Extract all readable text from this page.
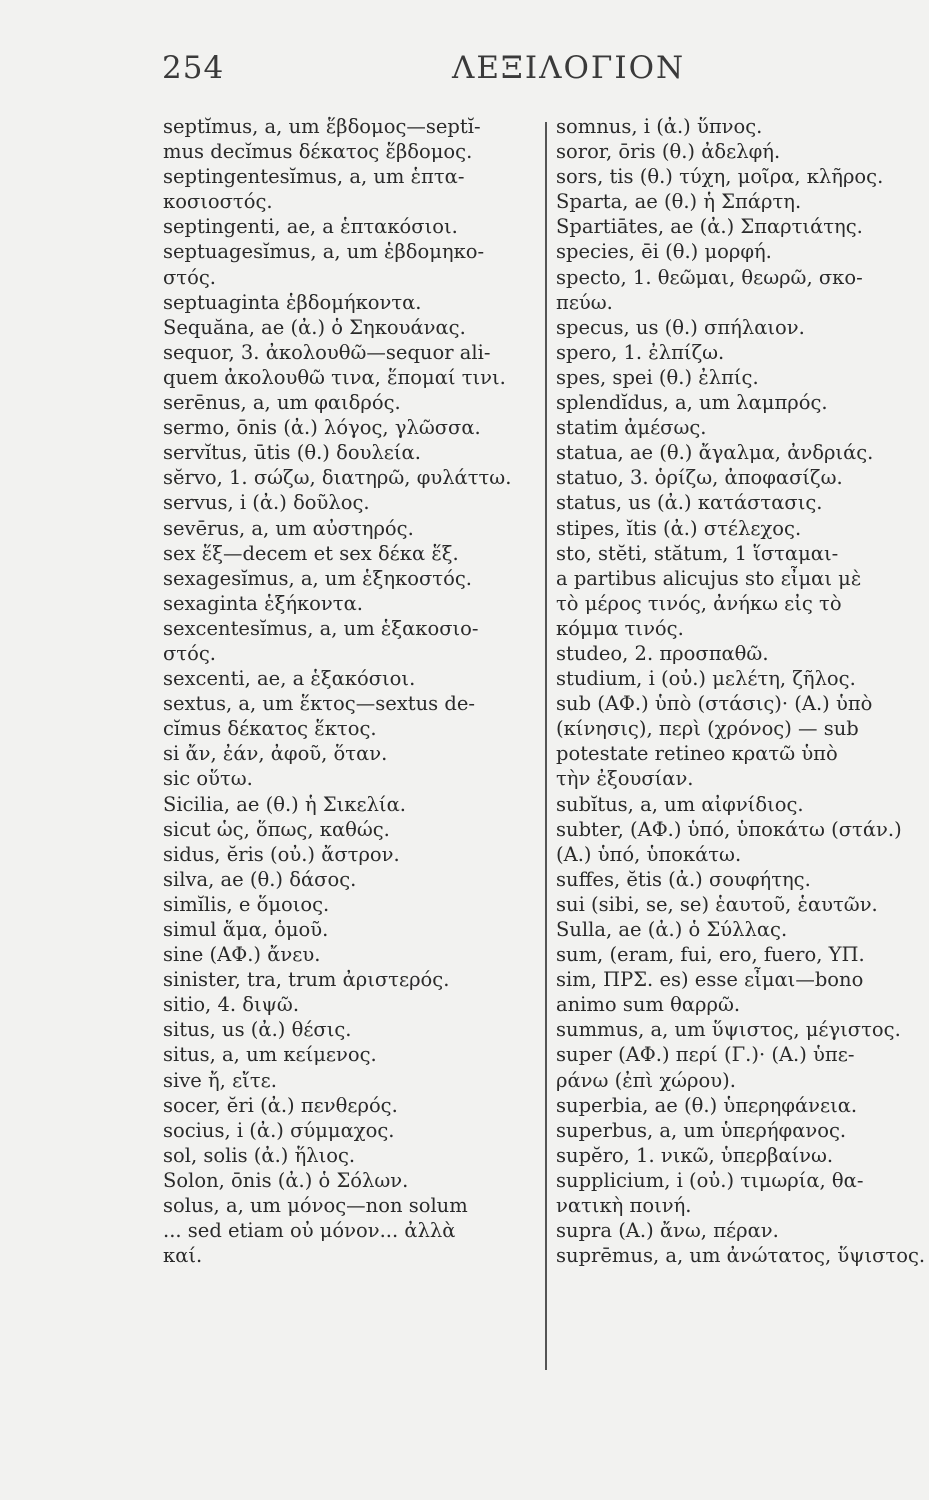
254	ΛΕΞΙΛΟΓΙΟΝ
septĭmus, a, um ἕβδομος—septĭ-
mus decĭmus δέκατος ἕβδομος.
septingentesĭmus, a, um ἑπτα-
κοσιοστός.
septingenti, ae, a ἑπτακόσιοι.
septuagesĭmus, a, um ἑβδομηκο-
στός.
septuaginta ἑβδομήκοντα.
Sequăna, ae (ἀ.) ὁ Σηκουάνας.
sequor, 3. ἀκολουθῶ—sequor ali-
quem ἀκολουθῶ τινα, ἕπομαί τινι.
serēnus, a, um φαιδρός.
sermo, ōnis (ἀ.) λόγος, γλῶσσα.
servĭtus, ūtis (θ.) δουλεία.
sĕrvo, 1. σώζω, διατηρῶ, φυλάττω.
servus, i (ἀ.) δοῦλος.
sevērus, a, um αὐστηρός.
sex ἕξ—decem et sex δέκα ἕξ.
sexagesĭmus, a, um ἑξηκοστός.
sexaginta ἑξήκοντα.
sexcentesĭmus, a, um ἑξακοσιο-
στός.
sexcenti, ae, a ἑξακόσιοι.
sextus, a, um ἕκτος—sextus de-
cĭmus δέκατος ἕκτος.
si ἄν, ἐάν, ἀφοῦ, ὅταν.
sic οὕτω.
Sicilia, ae (θ.) ἡ Σικελία.
sicut ὡς, ὅπως, καθώς.
sidus, ĕris (οὐ.) ἄστρον.
silva, ae (θ.) δάσος.
simĭlis, e ὅμοιος.
simul ἅμα, ὁμοῦ.
sine (ΑΦ.) ἄνευ.
sinister, tra, trum ἀριστερός.
sitio, 4. διψῶ.
situs, us (ἀ.) θέσις.
situs, a, um κείμενος.
sive ἤ, εἴτε.
socer, ĕri (ἀ.) πενθερός.
socius, i (ἀ.) σύμμαχος.
sol, solis (ἀ.) ἥλιος.
Solon, ōnis (ἀ.) ὁ Σόλων.
solus, a, um μόνος—non solum
... sed etiam οὐ μόνον... ἀλλὰ
καί.
somnus, i (ἀ.) ὕπνος.
soror, ōris (θ.) ἀδελφή.
sors, tis (θ.) τύχη, μοῖρα, κλῆρος.
Sparta, ae (θ.) ἡ Σπάρτη.
Spartiātes, ae (ἀ.) Σπαρτιάτης.
species, ēi (θ.) μορφή.
specto, 1. θεῶμαι, θεωρῶ, σκο-
πεύω.
specus, us (θ.) σπήλαιον.
spero, 1. ἐλπίζω.
spes, spei (θ.) ἐλπίς.
splendĭdus, a, um λαμπρός.
statim ἀμέσως.
statua, ae (θ.) ἄγαλμα, ἀνδριάς.
statuo, 3. ὁρίζω, ἀποφασίζω.
status, us (ἀ.) κατάστασις.
stipes, ĭtis (ἀ.) στέλεχος.
sto, stĕti, stătum, 1 ἵσταμαι-
a partibus alicujus sto εἶμαι μὲ
τὸ μέρος τινός, ἀνήκω εἰς τὸ
κόμμα τινός.
studeo, 2. προσπαθῶ.
studium, i (οὐ.) μελέτη, ζῆλος.
sub (ΑΦ.) ὑπὸ (στάσις)· (Α.) ὑπὸ
(κίνησις), περὶ (χρόνος) — sub
potestate retineo κρατῶ ὑπὸ
τὴν ἐξουσίαν.
subĭtus, a, um αἰφνίδιος.
subter, (ΑΦ.) ὑπό, ὑποκάτω (στάν.)
(Α.) ὑπό, ὑποκάτω.
suffes, ĕtis (ἀ.) σουφήτης.
sui (sibi, se, se) ἑαυτοῦ, ἑαυτῶν.
Sulla, ae (ἀ.) ὁ Σύλλας.
sum, (eram, fui, ero, fuero, ΥΠ.
sim, ΠΡΣ. es) esse εἶμαι—bono
animo sum θαρρῶ.
summus, a, um ὕψιστος, μέγιστος.
super (ΑΦ.) περί (Γ.)· (Α.) ὑπε-
ράνω (ἐπὶ χώρου).
superbia, ae (θ.) ὑπερηφάνεια.
superbus, a, um ὑπερήφανος.
supĕro, 1. νικῶ, ὑπερβαίνω.
supplicium, i (οὐ.) τιμωρία, θα-
νατικὴ ποινή.
supra (Α.) ἄνω, πέραν.
suprēmus, a, um ἀνώτατος, ὕψιστος.
